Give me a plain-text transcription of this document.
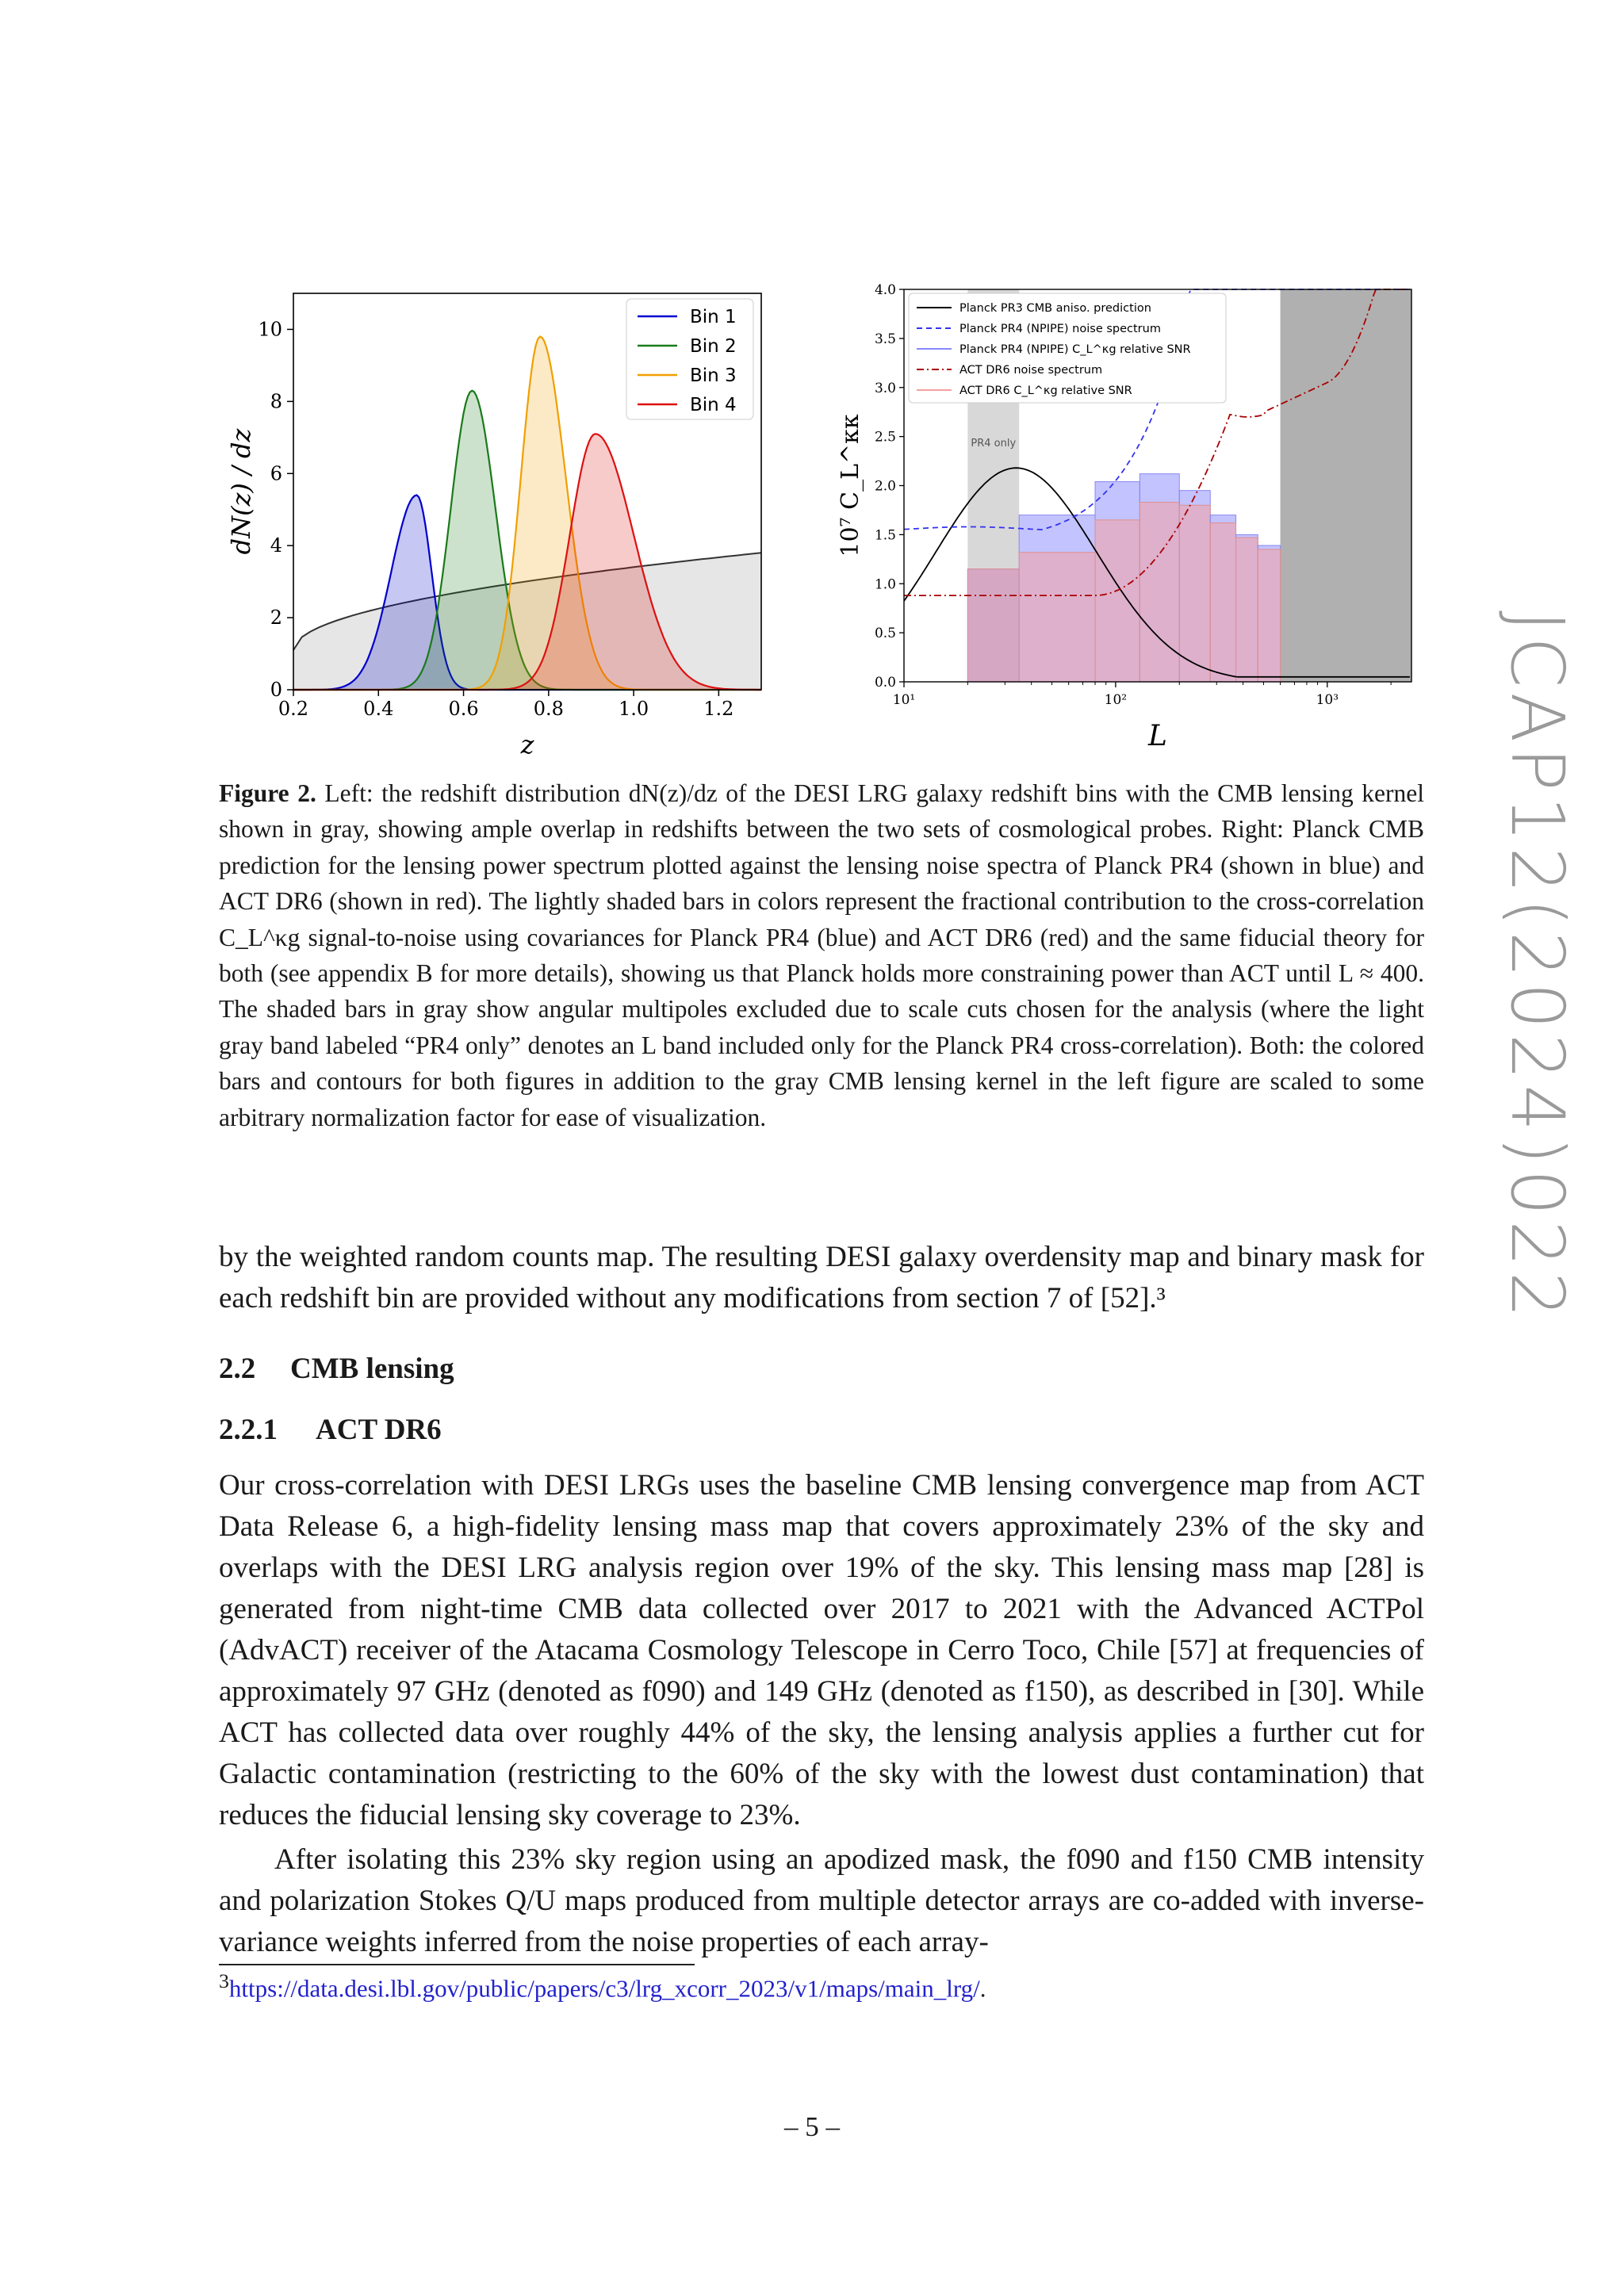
0.2	0.4	0.6	0.8	1.0	1.2
0
2
4
6
8
10
z
dN(z) / dz
Bin 1
Bin 2
Bin 3
Bin 4
PR4 only
10¹	10²	10³
0.0
0.5
1.0
1.5
2.0
2.5
3.0
3.5
4.0
L
10⁷ C_L^κκ
Planck PR3 CMB aniso. prediction
Planck PR4 (NPIPE) noise spectrum
Planck PR4 (NPIPE) C_L^κg relative SNR
ACT DR6 noise spectrum
ACT DR6 C_L^κg relative SNR
Figure 2. Left: the redshift distribution dN(z)/dz of the DESI LRG galaxy redshift bins with the CMB lensing kernel shown in gray, showing ample overlap in redshifts between the two sets of cosmological probes. Right: Planck CMB prediction for the lensing power spectrum plotted against the lensing noise spectra of Planck PR4 (shown in blue) and ACT DR6 (shown in red). The lightly shaded bars in colors represent the fractional contribution to the cross-correlation C_L^κg signal-to-noise using covariances for Planck PR4 (blue) and ACT DR6 (red) and the same fiducial theory for both (see appendix B for more details), showing us that Planck holds more constraining power than ACT until L ≈ 400. The shaded bars in gray show angular multipoles excluded due to scale cuts chosen for the analysis (where the light gray band labeled “PR4 only” denotes an L band included only for the Planck PR4 cross-correlation). Both: the colored bars and contours for both figures in addition to the gray CMB lensing kernel in the left figure are scaled to some arbitrary normalization factor for ease of visualization.
by the weighted random counts map. The resulting DESI galaxy overdensity map and binary mask for each redshift bin are provided without any modifications from section 7 of [52].³
2.2 CMB lensing
2.2.1 ACT DR6
Our cross-correlation with DESI LRGs uses the baseline CMB lensing convergence map from ACT Data Release 6, a high-fidelity lensing mass map that covers approximately 23% of the sky and overlaps with the DESI LRG analysis region over 19% of the sky. This lensing mass map [28] is generated from night-time CMB data collected over 2017 to 2021 with the Advanced ACTPol (AdvACT) receiver of the Atacama Cosmology Telescope in Cerro Toco, Chile [57] at frequencies of approximately 97 GHz (denoted as f090) and 149 GHz (denoted as f150), as described in [30]. While ACT has collected data over roughly 44% of the sky, the lensing analysis applies a further cut for Galactic contamination (restricting to the 60% of the sky with the lowest dust contamination) that reduces the fiducial lensing sky coverage to 23%.
After isolating this 23% sky region using an apodized mask, the f090 and f150 CMB intensity and polarization Stokes Q/U maps produced from multiple detector arrays are co-added with inverse-variance weights inferred from the noise properties of each array-
$^3$https://data.desi.lbl.gov/public/papers/c3/lrg_xcorr_2023/v1/maps/main_lrg/.
– 5 –
JCAP12(2024)022
